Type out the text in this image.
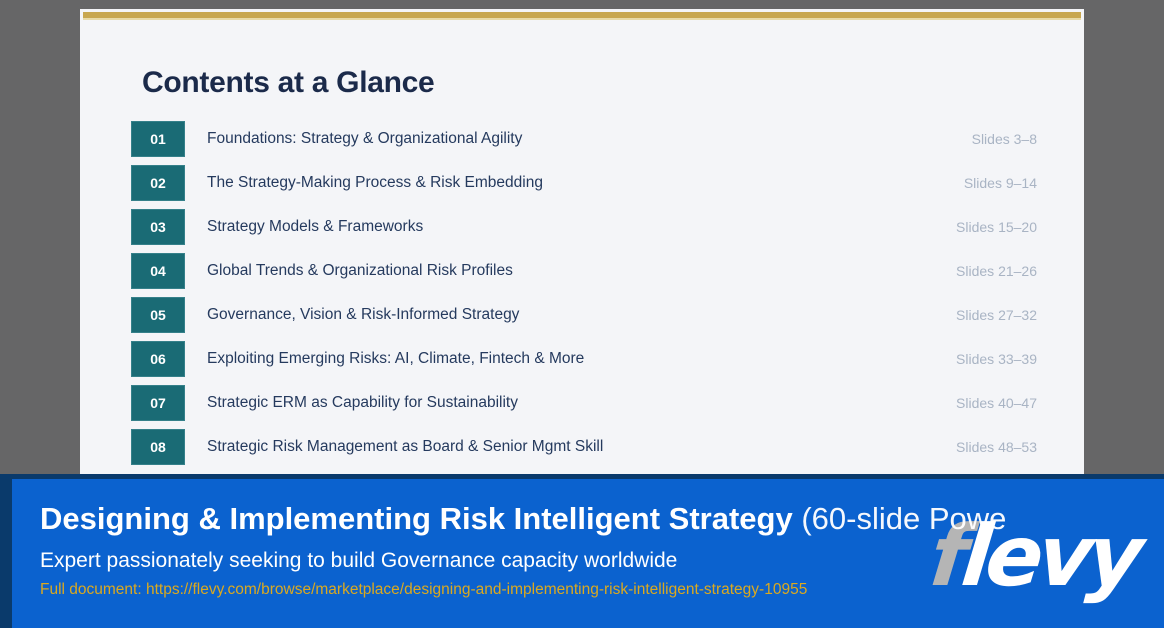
Contents at a Glance
01	Foundations: Strategy & Organizational Agility	Slides 3–8
02	The Strategy-Making Process & Risk Embedding	Slides 9–14
03	Strategy Models & Frameworks	Slides 15–20
04	Global Trends & Organizational Risk Profiles	Slides 21–26
05	Governance, Vision & Risk-Informed Strategy	Slides 27–32
06	Exploiting Emerging Risks: AI, Climate, Fintech & More	Slides 33–39
07	Strategic ERM as Capability for Sustainability	Slides 40–47
08	Strategic Risk Management as Board & Senior Mgmt Skill	Slides 48–53
flevy
Designing & Implementing Risk Intelligent Strategy (60-slide Powe
Expert passionately seeking to build Governance capacity worldwide
Full document: https://flevy.com/browse/marketplace/designing-and-implementing-risk-intelligent-strategy-10955
